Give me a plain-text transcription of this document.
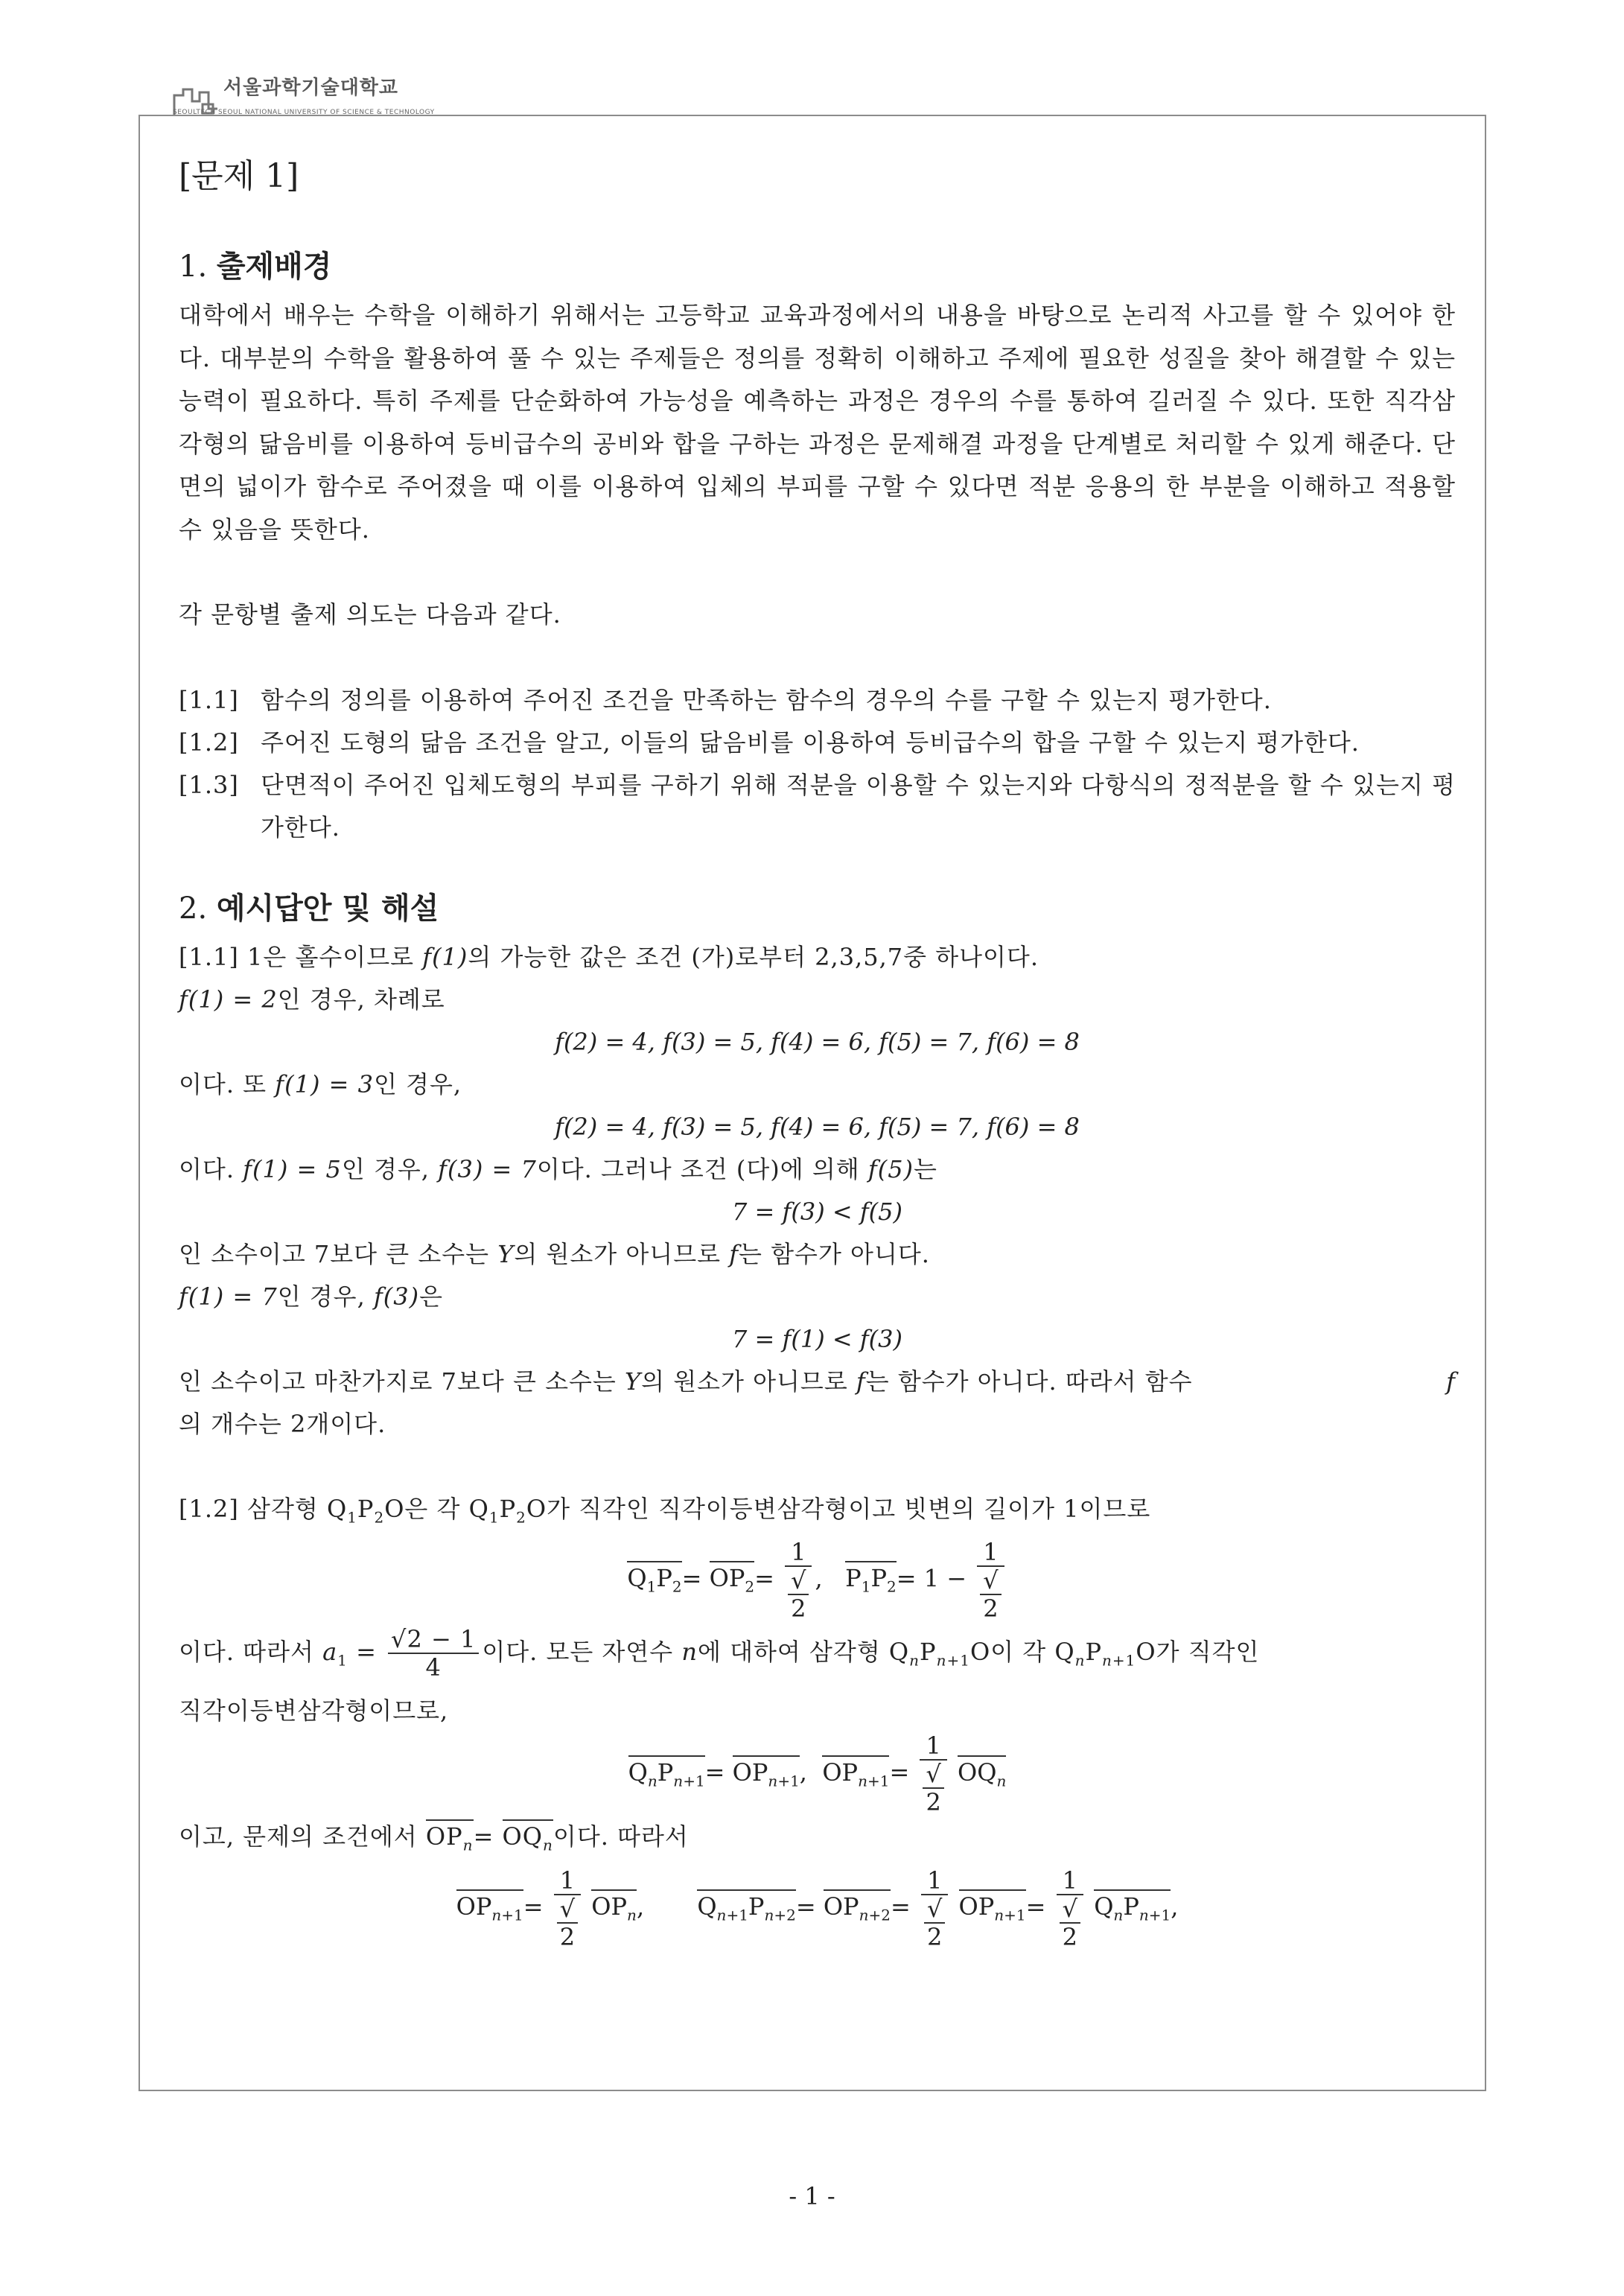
서울과학기술대학교
SEOULTECH SEOUL NATIONAL UNIVERSITY OF SCIENCE & TECHNOLOGY
[문제 1]
1. 출제배경

대학에서 배우는 수학을 이해하기 위해서는 고등학교 교육과정에서의 내용을 바탕으로 논리적 사고를 할 수 있어야 한다. 대부분의 수학을 활용하여 풀 수 있는 주제들은 정의를 정확히 이해하고 주제에 필요한 성질을 찾아 해결할 수 있는 능력이 필요하다. 특히 주제를 단순화하여 가능성을 예측하는 과정은 경우의 수를 통하여 길러질 수 있다. 또한 직각삼각형의 닮음비를 이용하여 등비급수의 공비와 합을 구하는 과정은 문제해결 과정을 단계별로 처리할 수 있게 해준다. 단면의 넓이가 함수로 주어졌을 때 이를 이용하여 입체의 부피를 구할 수 있다면 적분 응용의 한 부분을 이해하고 적용할 수 있음을 뜻한다.

각 문항별 출제 의도는 다음과 같다.

[1.1] 함수의 정의를 이용하여 주어진 조건을 만족하는 함수의 경우의 수를 구할 수 있는지 평가한다.
[1.2] 주어진 도형의 닮음 조건을 알고, 이들의 닮음비를 이용하여 등비급수의 합을 구할 수 있는지 평가한다.
[1.3] 단면적이 주어진 입체도형의 부피를 구하기 위해 적분을 이용할 수 있는지와 다항식의 정적분을 할 수 있는지 평가한다.
2. 예시답안 및 해설
[1.1] 1은 홀수이므로 f(1)의 가능한 값은 조건 (가)로부터 2,3,5,7중 하나이다.
f(1) = 2인 경우, 차례로
f(2) = 4, f(3) = 5, f(4) = 6, f(5) = 7, f(6) = 8
이다. 또 f(1) = 3인 경우,
f(2) = 4, f(3) = 5, f(4) = 6, f(5) = 7, f(6) = 8
이다. f(1) = 5인 경우, f(3) = 7이다. 그러나 조건 (다)에 의해 f(5)는
7 = f(3) < f(5)
인 소수이고 7보다 큰 소수는 Y의 원소가 아니므로 f는 함수가 아니다.
f(1) = 7인 경우, f(3)은
7 = f(1) < f(3)
인 소수이고 마찬가지로 7보다 큰 소수는 Y의 원소가 아니므로 f는 함수가 아니다. 따라서 함수	f
의 개수는 2개이다.
[1.2] 삼각형 $Q_1P_2O$은 각 $Q_1P_2O$가 직각인 직각이등변삼각형이고 빗변의 길이가 1이므로
$Q_1P_2= OP_2= 1$
√
2 ,   $P_1P_2= 1 - 1$
√
2
이다. 따라서 $a_1 = \frac{√2 - 1}{4}$ 이다. 모든 자연수 n에 대하여 삼각형 $Q_nP_{n+1}O$이 각 $Q_nP_{n+1}O$가 직각인
직각이등변삼각형이므로,
$Q_nP_{n+1}= OP_{n+1}$,  $OP_{n+1}= 1$
√
2 $OQ_n$
이고, 문제의 조건에서 $OP_n= OQ_n$이다. 따라서
$OP_{n+1}= 1$
√
2 $OP_n$,       $Q_{n+1}P_{n+2}= OP_{n+2}= 1$
√
2 $OP_{n+1}= 1$
√
2 $Q_nP_{n+1}$,
- 1 -
